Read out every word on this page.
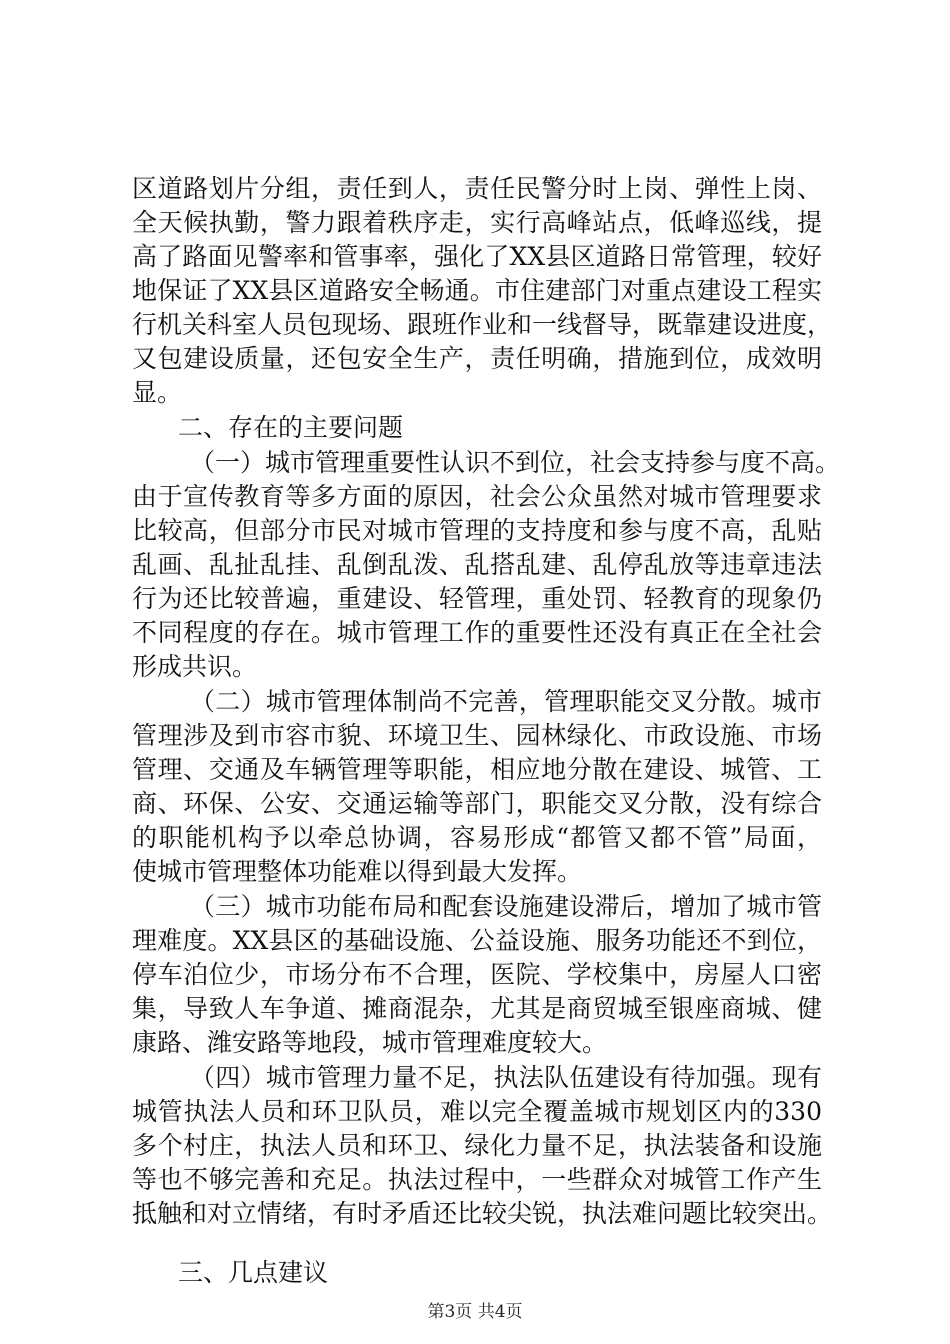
区道路划片分组，责任到人，责任民警分时上岗、弹性上岗、
全天候执勤，警力跟着秩序走，实行高峰站点，低峰巡线，提
高了路面见警率和管事率，强化了XX县区道路日常管理，较好
地保证了XX县区道路安全畅通。市住建部门对重点建设工程实
行机关科室人员包现场、跟班作业和一线督导，既靠建设进度，
又包建设质量，还包安全生产，责任明确，措施到位，成效明
显。
二、存在的主要问题
（一）城市管理重要性认识不到位，社会支持参与度不高。
由于宣传教育等多方面的原因，社会公众虽然对城市管理要求
比较高，但部分市民对城市管理的支持度和参与度不高，乱贴
乱画、乱扯乱挂、乱倒乱泼、乱搭乱建、乱停乱放等违章违法
行为还比较普遍，重建设、轻管理，重处罚、轻教育的现象仍
不同程度的存在。城市管理工作的重要性还没有真正在全社会
形成共识。
（二）城市管理体制尚不完善，管理职能交叉分散。城市
管理涉及到市容市貌、环境卫生、园林绿化、市政设施、市场
管理、交通及车辆管理等职能，相应地分散在建设、城管、工
商、环保、公安、交通运输等部门，职能交叉分散，没有综合
的职能机构予以牵总协调，容易形成“都管又都不管”局面，
使城市管理整体功能难以得到最大发挥。
（三）城市功能布局和配套设施建设滞后，增加了城市管
理难度。XX县区的基础设施、公益设施、服务功能还不到位，
停车泊位少，市场分布不合理，医院、学校集中，房屋人口密
集，导致人车争道、摊商混杂，尤其是商贸城至银座商城、健
康路、潍安路等地段，城市管理难度较大。
（四）城市管理力量不足，执法队伍建设有待加强。现有
城管执法人员和环卫队员，难以完全覆盖城市规划区内的330
多个村庄，执法人员和环卫、绿化力量不足，执法装备和设施
等也不够完善和充足。执法过程中，一些群众对城管工作产生
抵触和对立情绪，有时矛盾还比较尖锐，执法难问题比较突出。
三、几点建议
第3页 共4页
